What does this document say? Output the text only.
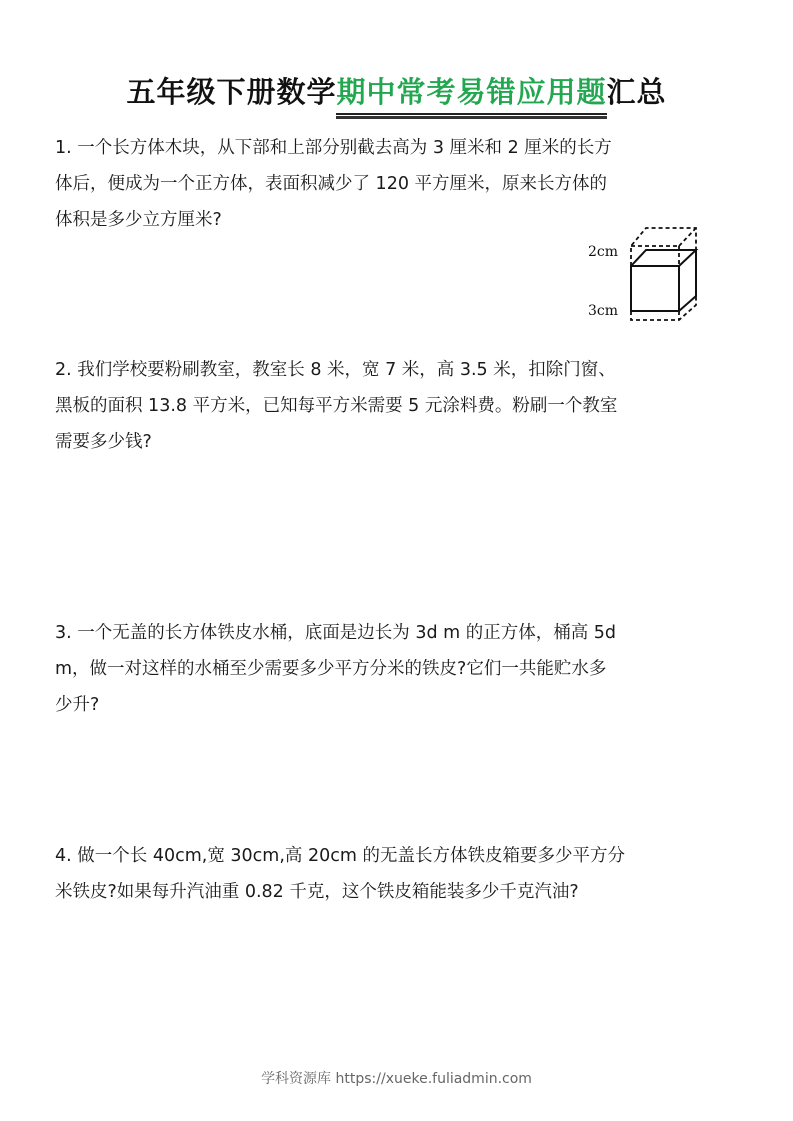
五年级下册数学期中常考易错应用题汇总

1. 一个长方体木块，从下部和上部分别截去高为 3 厘米和 2 厘米的长方

体后，便成为一个正方体，表面积减少了 120 平方厘米，原来长方体的

体积是多少立方厘米?

2cm
3cm

2. 我们学校要粉刷教室，教室长 8 米，宽 7 米，高 3.5 米，扣除门窗、

黑板的面积 13.8 平方米，已知每平方米需要 5 元涂料费。粉刷一个教室

需要多少钱?

3. 一个无盖的长方体铁皮水桶，底面是边长为 3d m 的正方体，桶高 5d

m，做一对这样的水桶至少需要多少平方分米的铁皮?它们一共能贮水多

少升?

4. 做一个长 40cm,宽 30cm,高 20cm 的无盖长方体铁皮箱要多少平方分

米铁皮?如果每升汽油重 0.82 千克，这个铁皮箱能装多少千克汽油?

学科资源库 https://xueke.fuliadmin.com
